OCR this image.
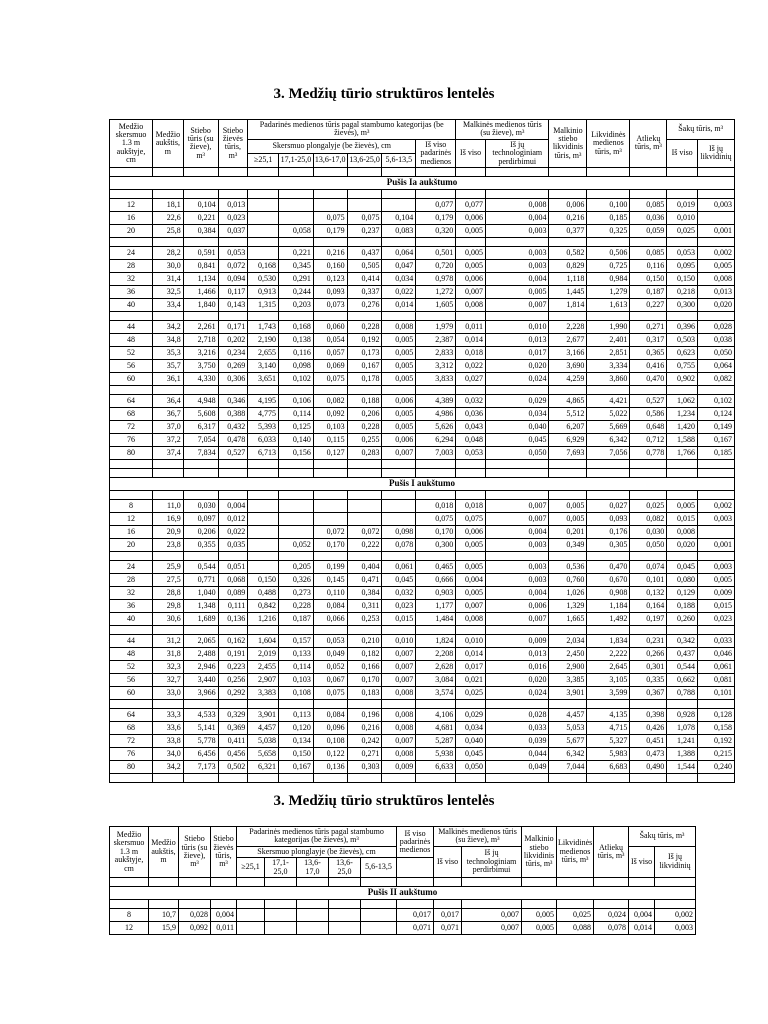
3. Medžių tūrio struktūros lentelės
Medžio skersmuo 1.3 m aukštyje, cm	Medžio aukštis, m	Stiebo tūris (su žieve), m³	Stiebo žievės tūris, m³	Padarinės medienos tūris pagal stambumo kategorijas (be žievės), m³						Malkinės medienos tūris (su žieve), m³		Malkinio stiebo likvidinis tūris, m³	Likvidinės medienos tūris, m³	Atliekų tūris, m³	Šakų tūris, m³	
				Skersmuo plongalyje (be žievės), cm					Iš viso padarinės medienos	Iš viso	Iš jų technologiniam perdirbimui				Iš viso	Iš jų likvidinių
				≥25,1	17,1-25,0	13,6-17,0	13,6-25,0	5,6-13,5								

Pušis Ia aukštumo																

12	18,1	0,104	0,013						0,077	0,077	0,008	0,006	0,100	0,085	0,019	0,003
16	22,6	0,221	0,023			0,075	0,075	0,104	0,179	0,006	0,004	0,216	0,185	0,036	0,010	
20	25,8	0,384	0,037		0,058	0,179	0,237	0,083	0,320	0,005	0,003	0,377	0,325	0,059	0,025	0,001

24	28,2	0,591	0,053		0,221	0,216	0,437	0,064	0,501	0,005	0,003	0,582	0,506	0,085	0,053	0,002
28	30,0	0,841	0,072	0,168	0,345	0,160	0,505	0,047	0,720	0,005	0,003	0,829	0,725	0,116	0,095	0,005
32	31,4	1,134	0,094	0,530	0,291	0,123	0,414	0,034	0,978	0,006	0,004	1,118	0,984	0,150	0,150	0,008
36	32,5	1,466	0,117	0,913	0,244	0,093	0,337	0,022	1,272	0,007	0,005	1,445	1,279	0,187	0,218	0,013
40	33,4	1,840	0,143	1,315	0,203	0,073	0,276	0,014	1,605	0,008	0,007	1,814	1,613	0,227	0,300	0,020

44	34,2	2,261	0,171	1,743	0,168	0,060	0,228	0,008	1,979	0,011	0,010	2,228	1,990	0,271	0,396	0,028
48	34,8	2,718	0,202	2,190	0,138	0,054	0,192	0,005	2,387	0,014	0,013	2,677	2,401	0,317	0,503	0,038
52	35,3	3,216	0,234	2,655	0,116	0,057	0,173	0,005	2,833	0,018	0,017	3,166	2,851	0,365	0,623	0,050
56	35,7	3,750	0,269	3,140	0,098	0,069	0,167	0,005	3,312	0,022	0,020	3,690	3,334	0,416	0,755	0,064
60	36,1	4,330	0,306	3,651	0,102	0,075	0,178	0,005	3,833	0,027	0,024	4,259	3,860	0,470	0,902	0,082

64	36,4	4,948	0,346	4,195	0,106	0,082	0,188	0,006	4,389	0,032	0,029	4,865	4,421	0,527	1,062	0,102
68	36,7	5,608	0,388	4,775	0,114	0,092	0,206	0,005	4,986	0,036	0,034	5,512	5,022	0,586	1,234	0,124
72	37,0	6,317	0,432	5,393	0,125	0,103	0,228	0,005	5,626	0,043	0,040	6,207	5,669	0,648	1,420	0,149
76	37,2	7,054	0,478	6,033	0,140	0,115	0,255	0,006	6,294	0,048	0,045	6,929	6,342	0,712	1,588	0,167
80	37,4	7,834	0,527	6,713	0,156	0,127	0,283	0,007	7,003	0,053	0,050	7,693	7,056	0,778	1,766	0,185

Pušis I aukštumo																

8	11,0	0,030	0,004						0,018	0,018	0,007	0,005	0,027	0,025	0,005	0,002
12	16,9	0,097	0,012						0,075	0,075	0,007	0,005	0,093	0,082	0,015	0,003
16	20,9	0,206	0,022			0,072	0,072	0,098	0,170	0,006	0,004	0,201	0,176	0,030	0,008	
20	23,8	0,355	0,035		0,052	0,170	0,222	0,078	0,300	0,005	0,003	0,349	0,305	0,050	0,020	0,001

24	25,9	0,544	0,051		0,205	0,199	0,404	0,061	0,465	0,005	0,003	0,536	0,470	0,074	0,045	0,003
28	27,5	0,771	0,068	0,150	0,326	0,145	0,471	0,045	0,666	0,004	0,003	0,760	0,670	0,101	0,080	0,005
32	28,8	1,040	0,089	0,488	0,273	0,110	0,384	0,032	0,903	0,005	0,004	1,026	0,908	0,132	0,129	0,009
36	29,8	1,348	0,111	0,842	0,228	0,084	0,311	0,023	1,177	0,007	0,006	1,329	1,184	0,164	0,188	0,015
40	30,6	1,689	0,136	1,216	0,187	0,066	0,253	0,015	1,484	0,008	0,007	1,665	1,492	0,197	0,260	0,023

44	31,2	2,065	0,162	1,604	0,157	0,053	0,210	0,010	1,824	0,010	0,009	2,034	1,834	0,231	0,342	0,033
48	31,8	2,488	0,191	2,019	0,133	0,049	0,182	0,007	2,208	0,014	0,013	2,450	2,222	0,266	0,437	0,046
52	32,3	2,946	0,223	2,455	0,114	0,052	0,166	0,007	2,628	0,017	0,016	2,900	2,645	0,301	0,544	0,061
56	32,7	3,440	0,256	2,907	0,103	0,067	0,170	0,007	3,084	0,021	0,020	3,385	3,105	0,335	0,662	0,081
60	33,0	3,966	0,292	3,383	0,108	0,075	0,183	0,008	3,574	0,025	0,024	3,901	3,599	0,367	0,788	0,101

64	33,3	4,533	0,329	3,901	0,113	0,084	0,196	0,008	4,106	0,029	0,028	4,457	4,135	0,398	0,928	0,128
68	33,6	5,141	0,369	4,457	0,120	0,096	0,216	0,008	4,681	0,034	0,033	5,053	4,715	0,426	1,078	0,158
72	33,8	5,778	0,411	5,038	0,134	0,108	0,242	0,007	5,287	0,040	0,039	5,677	5,327	0,451	1,241	0,192
76	34,0	6,456	0,456	5,658	0,150	0,122	0,271	0,008	5,938	0,045	0,044	6,342	5,983	0,473	1,388	0,215
80	34,2	7,173	0,502	6,321	0,167	0,136	0,303	0,009	6,633	0,050	0,049	7,044	6,683	0,490	1,544	0,240

3. Medžių tūrio struktūros lentelės
Medžio skersmuo 1.3 m aukštyje, cm	Medžio aukštis, m	Stiebo tūris (su žieve), m³	Stiebo žievės tūris, m³	Padarinės medienos tūris pagal stambumo kategorijas (be žievės), m³					Iš viso padarinės medienos	Malkinės medienos tūris (su žieve), m³		Malkinio stiebo likvidinis tūris, m³	Likvidinės medienos tūris, m³	Atliekų tūris, m³	Šakų tūris, m³	
				Skersmuo plonglayje (be žievės), cm						Iš viso	Iš jų technologiniam perdirbimui				Iš viso	Iš jų likvidinių
				≥25,1	17,1-25,0	13,6-17,0	13,6-25,0	5,6-13,5								

Pušis II aukštumo																

8	10,7	0,028	0,004						0,017	0,017	0,007	0,005	0,025	0,024	0,004	0,002
12	15,9	0,092	0,011						0,071	0,071	0,007	0,005	0,088	0,078	0,014	0,003
